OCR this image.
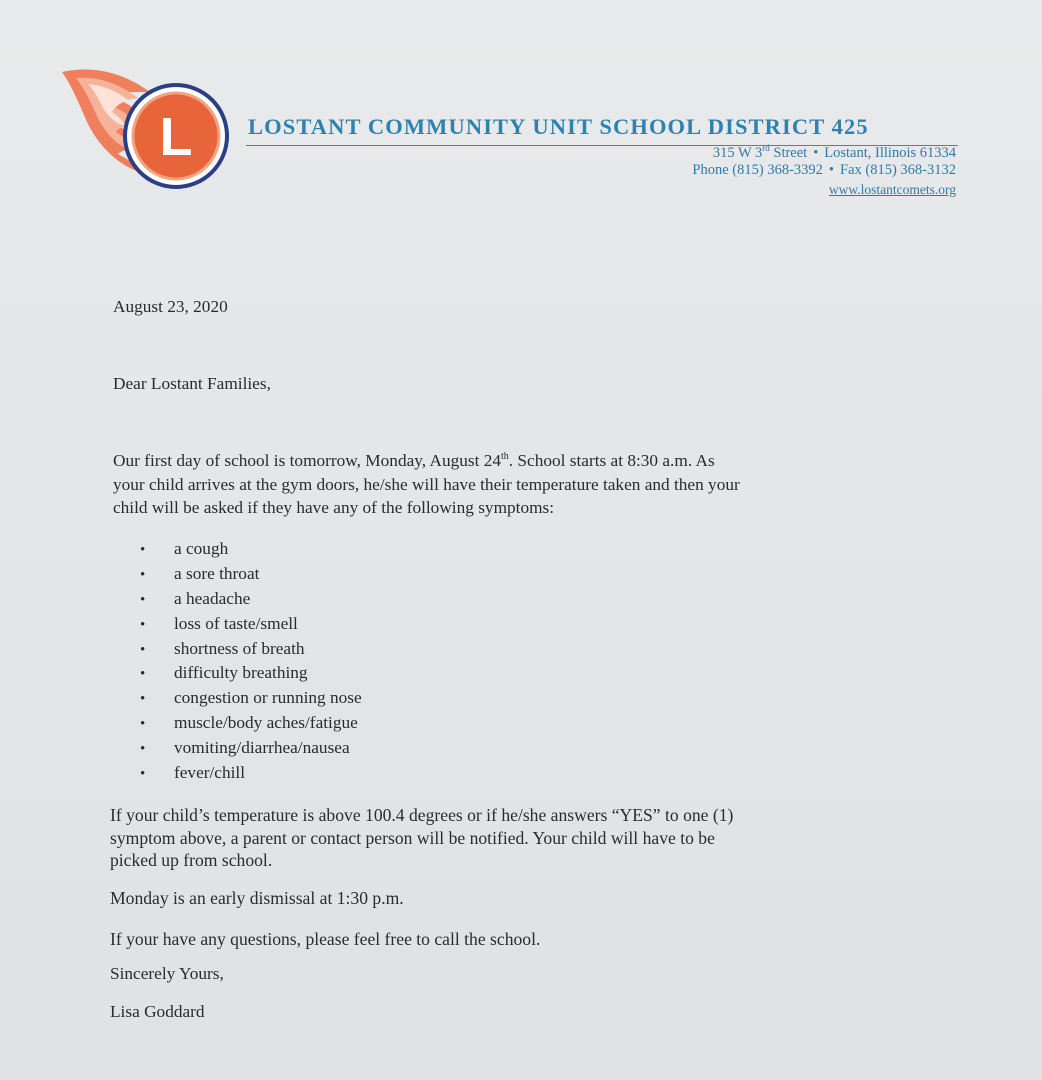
L LOSTANT COMMUNITY UNIT SCHOOL DISTRICT 425
315 W 3rd Street • Lostant, Illinois 61334
Phone (815) 368-3392 • Fax (815) 368-3132
www.lostantcomets.org
August 23, 2020
Dear Lostant Families,

Our first day of school is tomorrow, Monday, August 24th. School starts at 8:30 a.m. As

your child arrives at the gym doors, he/she will have their temperature taken and then your

child will be asked if they have any of the following symptoms:

• a cough
• a sore throat
• a headache
• loss of taste/smell
• shortness of breath
• difficulty breathing
• congestion or running nose
• muscle/body aches/fatigue
• vomiting/diarrhea/nausea
• fever/chill

If your child’s temperature is above 100.4 degrees or if he/she answers “YES” to one (1)

symptom above, a parent or contact person will be notified. Your child will have to be

picked up from school.

Monday is an early dismissal at 1:30 p.m.
If your have any questions, please feel free to call the school.
Sincerely Yours,
Lisa Goddard
